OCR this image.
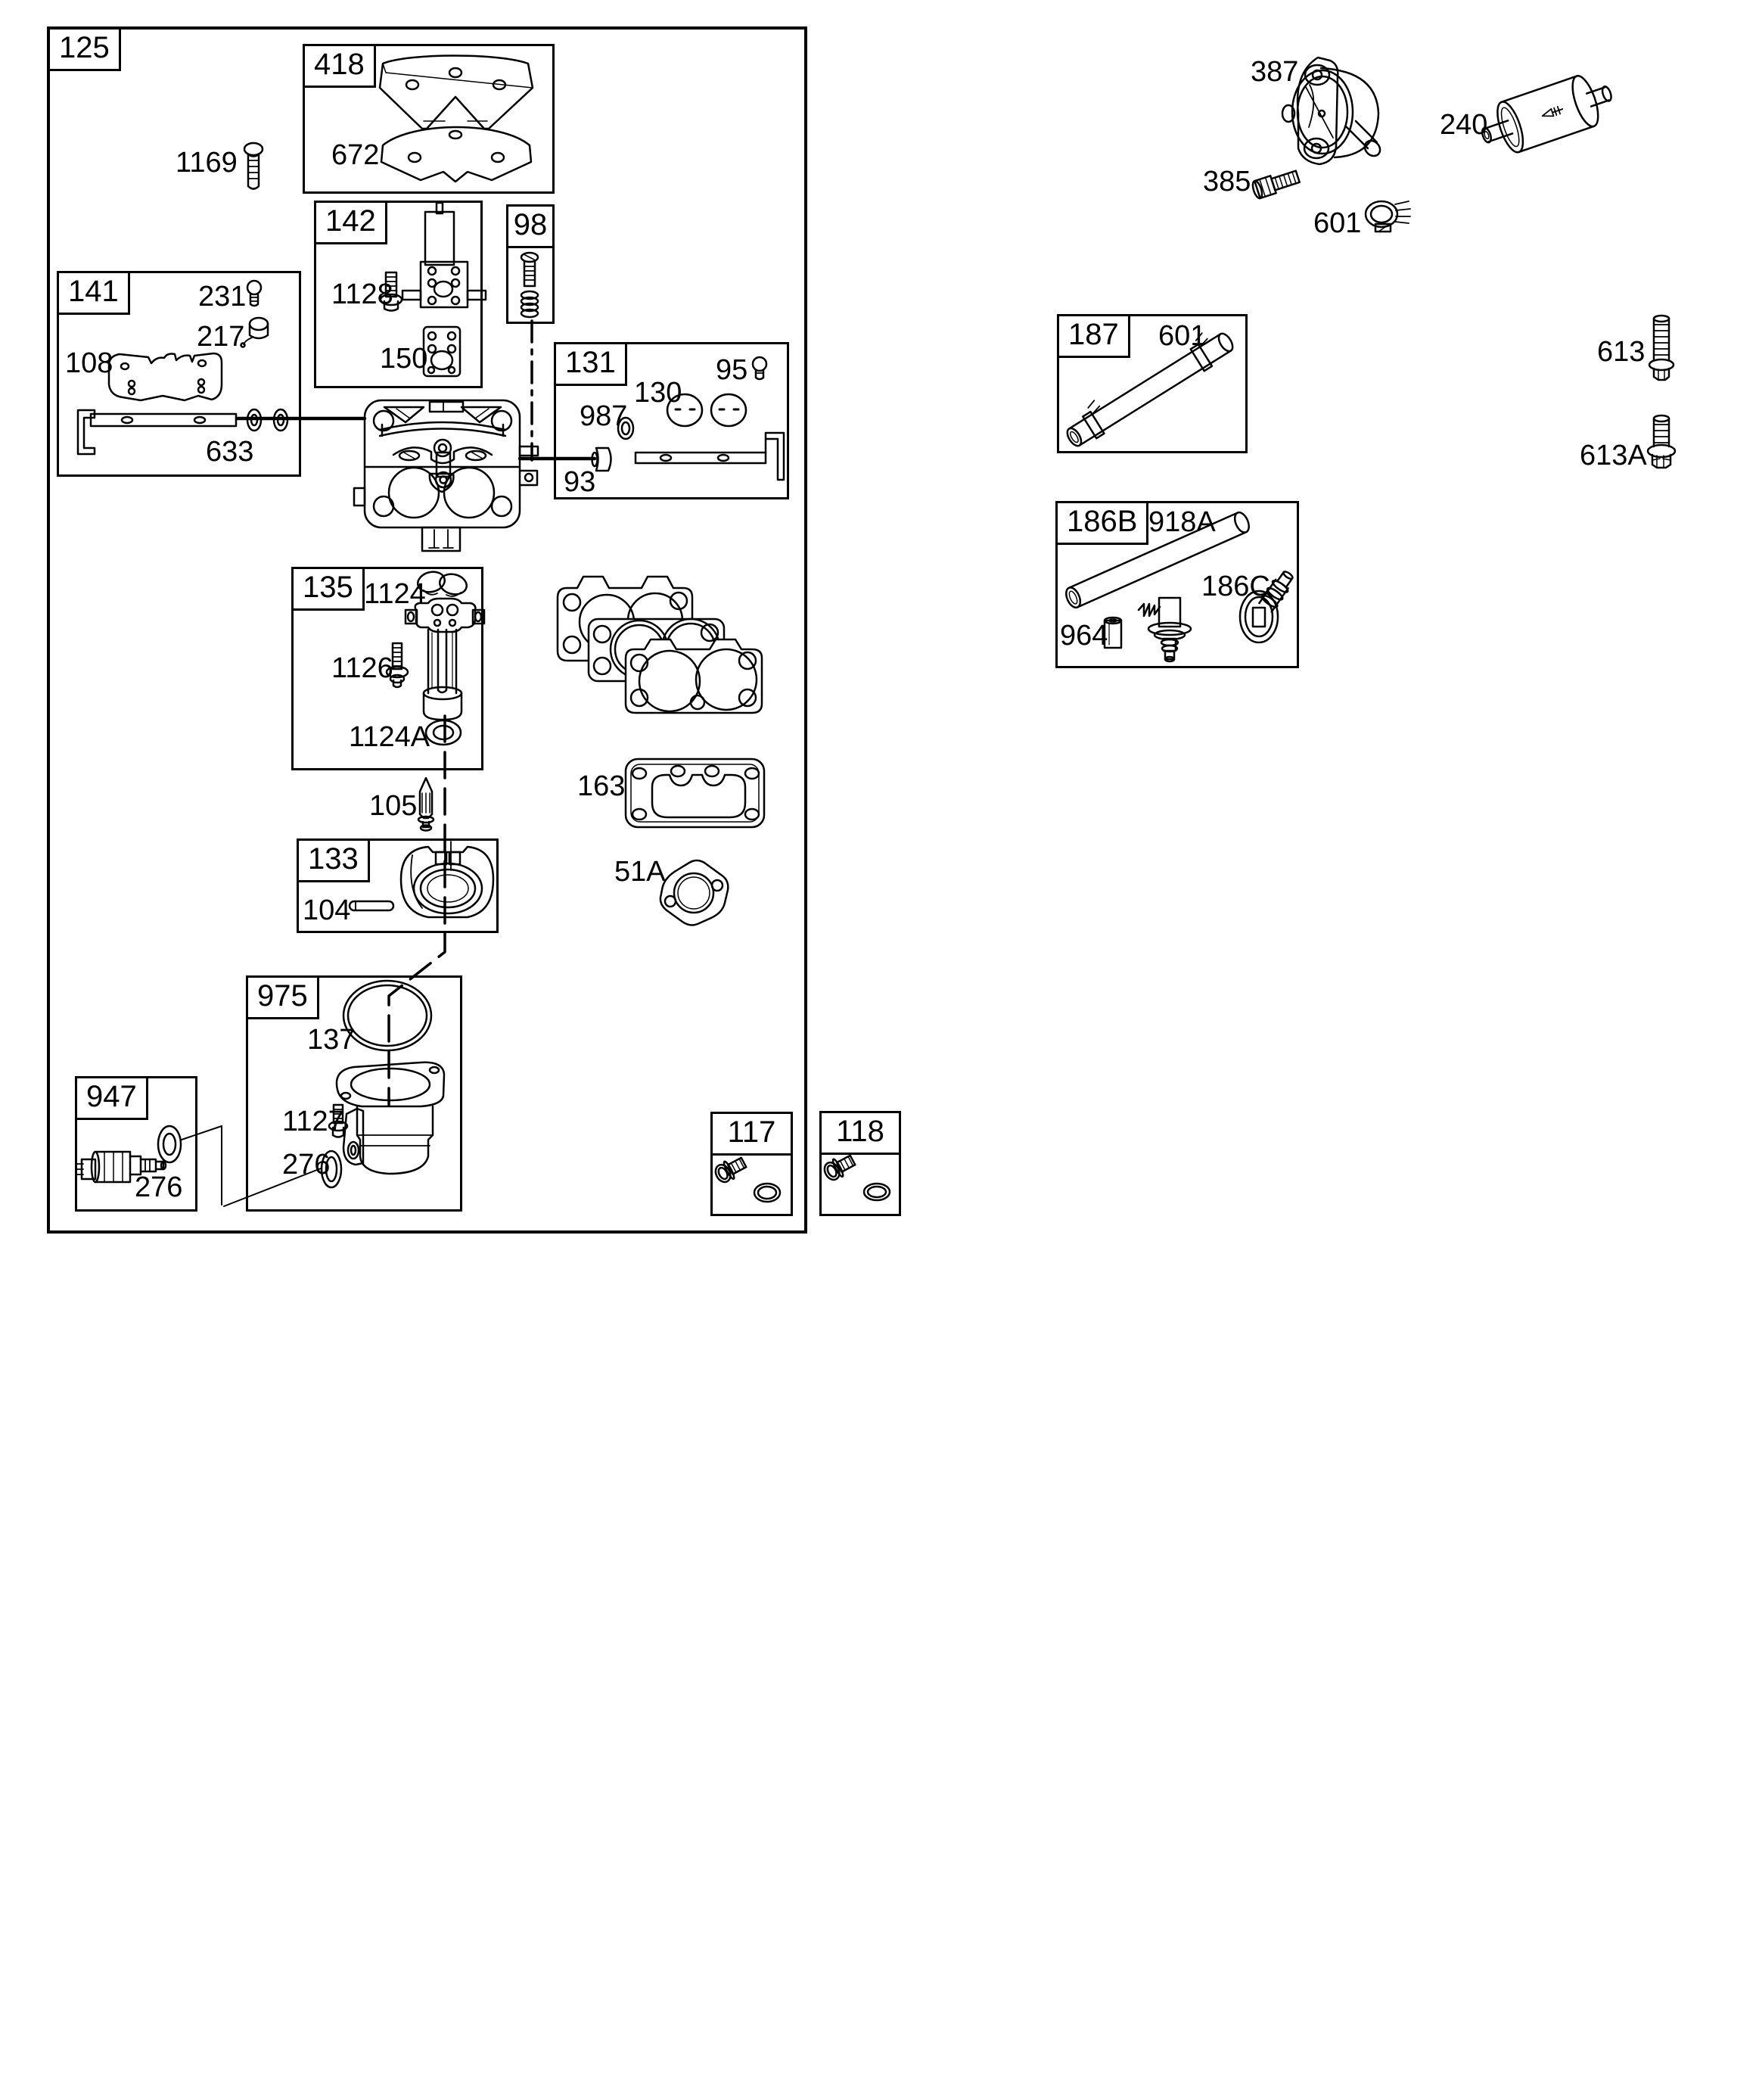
125	418
142	98
141
131
135
133
975
947
117	118
187
186B
1169	672
1128
150
231
217
108
633
95
130
987
93
1124
1126
1124A
105
104
163
51A
137
1127
276
276
387
385
601
240
601	613
613A
918A
964
186C
